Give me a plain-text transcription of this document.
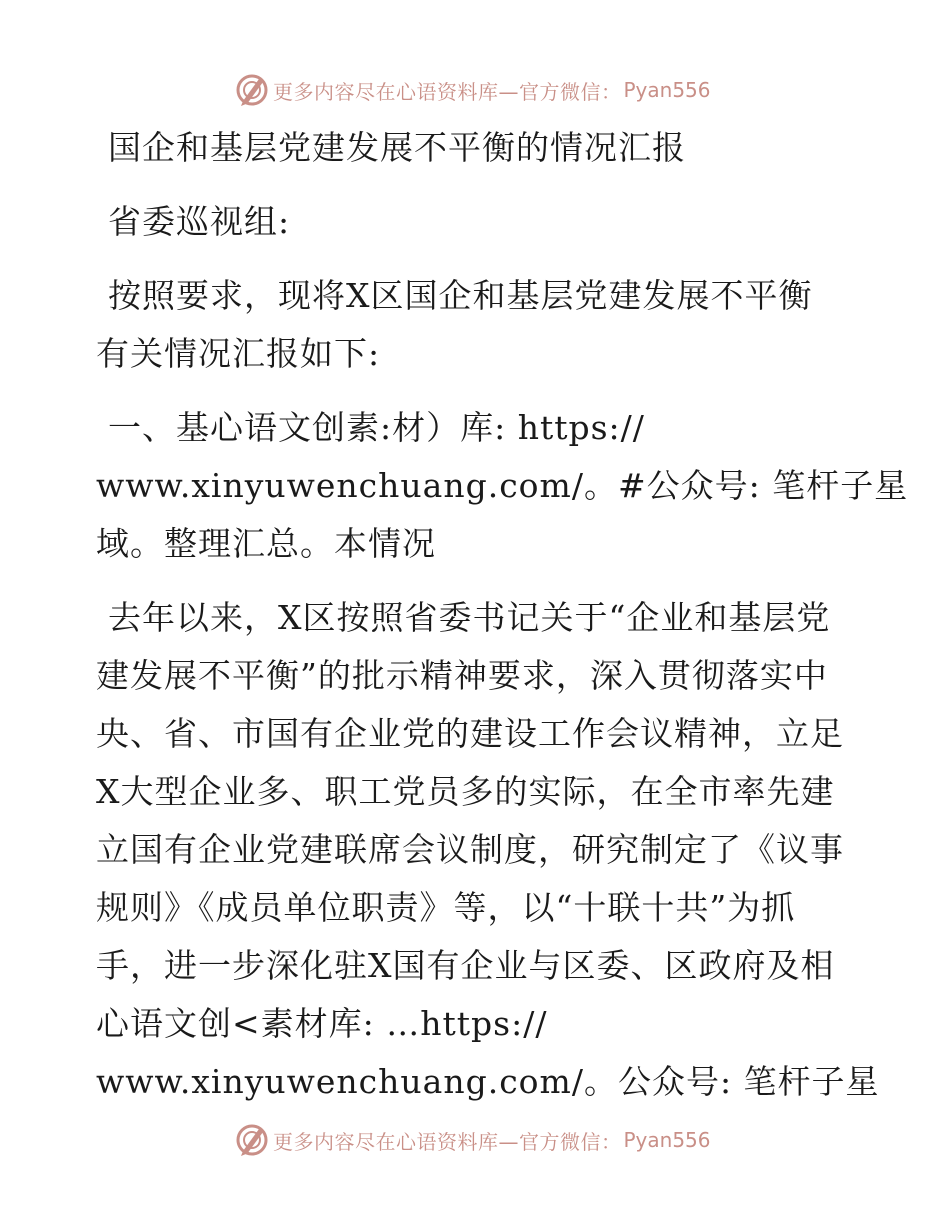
更多内容尽在心语资料库—官方微信： Pyan556
国企和基层党建发展不平衡的情况汇报
省委巡视组:
按照要求，现将X区国企和基层党建发展不平衡
有关情况汇报如下:
一、基心语文创素:材）库: https://
www.xinyuwenchuang.com/。#公众号: 笔杆子星
域。整理汇总。本情况
去年以来，X区按照省委书记关于“企业和基层党
建发展不平衡”的批示精神要求，深入贯彻落实中
央、省、市国有企业党的建设工作会议精神，立足
X大型企业多、职工党员多的实际，在全市率先建
立国有企业党建联席会议制度，研究制定了《议事
规则》《成员单位职责》等，以“十联十共”为抓
手，进一步深化驻X国有企业与区委、区政府及相
心语文创<素材库: …https://
www.xinyuwenchuang.com/。公众号: 笔杆子星
更多内容尽在心语资料库—官方微信： Pyan556
